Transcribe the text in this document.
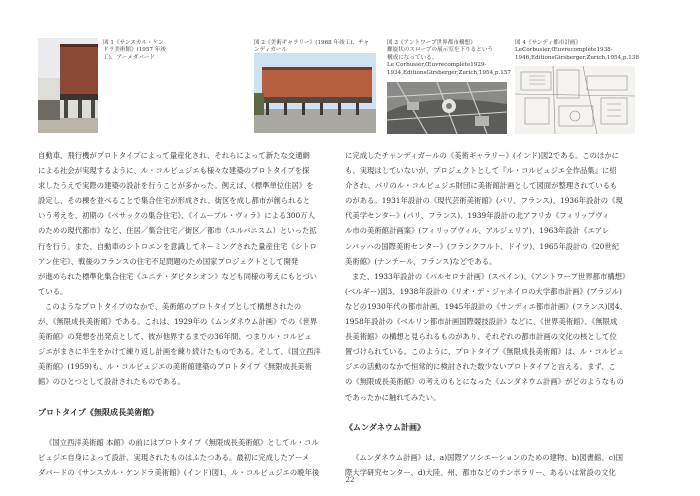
図 1《サンスカル・ケン
ドラ美術館》(1957 年竣
工)、アーメダバード
図 2《美術ギャラリー》(1968 年竣工)、チャ
ンディガール
図 3《アントワープ世界都市構想》
螺旋状のスロープの展示室を下りるという
構成になっている。
Le Corbusier,Œuvrecomplète1929-
1934,EditionsGirsberger,Zurich,1954,p.157
図 4《サンディ都市計画》
LeCorbusier,Œuvrecomplète1938-
1946,EditionsGirsberger,Zurich,1954,p.138

自動車、飛行機がプロトタイプによって量産化され、それらによって新たな交通網
による社会が実現するように、ル・コルビュジエも様々な建築のプロトタイプを探
求したうえで実際の建築の設計を行うことが多かった。例えば、《標準単位住居》を
設定し、その棟を並べることで集合住宅が形成され、街区を成し都市が創られると
いう考えを、初期の《ペサックの集合住宅》、《イムーブル・ヴィラ》による300万人
のための現代都市》など、住居／集合住宅／街区／都市（ユルバニスム）といった拡
行を行う。また、自動車のシトロエンを意識してネーミングされた量産住宅《シトロ
アン住宅》、戦後のフランスの住宅不足問題のため国家プロジェクトとして開発
が進められた標準化集合住宅《ユニテ・ダビタシオン》なども同様の考えにもとづい
ている。

このようなプロトタイプのなかで、美術館のプロトタイプとして構想されたの
が、《無限成長美術館》である。これは、1929年の《ムンダネウム計画》での《世界
美術館》の発想を出発点として、彼が他界するまでの36年間、つまりル・コルビュ
ジエがまさに半生をかけて練り返し計画を練り続けたものである。そして、《国立西洋
美術館》(1959)も、ル・コルビュジエの美術館建築のプロトタイプ《無限成長美術
館》のひとつとして設計されたものである。

プロトタイプ《無限成長美術館》

《国立西洋美術館 本館》の前にはプロトタイプ《無限成長美術館》としてル・コル
ビュジエ自身によって設計、実現されたものはふたつある。最初に完成したアーメ
ダバードの《サンスカル・ケンドラ美術館》(インド)図1、ル・コルビュジエの晩年後

に完成したチャンディガールの《美術ギャラリー》(インド)図2である。このほかに
も、実現はしていないが、プロジェクトとして『ル・コルビュジエ全作品集』に紹
介され、パリのル・コルビュジエ財団に美術館計画として図面が整理されているも
のがある。1931年設計の《現代芸術美術館》(パリ、フランス)、1936年設計の《現
代美学センター》(パリ、フランス)、1939年設計の北アフリカ《フィリップヴィ
ル市の美術館計画案》(フィリップヴィル、アルジェリア)、1963年設計《エアレ
ンバッハの国際美術センター》(フランクフルト、ドイツ)、1965年設計の《20世紀
美術館》(ナンテール、フランス)などである。

また、1933年設計の《パルセロナ計画》(スペイン)、《アントワープ世界都市構想》
(ベルギー)図3、1938年設計の《リオ・デ・ジャネイロの大学都市計画》(ブラジル)
などの1930年代の都市計画、1945年設計の《サンディエ都市計画》(フランス)図4、
1958年設計の《ベルリン都市計画国際競技設計》などに、《世界美術館》、《無限成
長美術館》の構想と見られるものがあり、それぞれの都市計画の文化の核として位
置づけられている。このように、プロトタイプ《無限成長美術館》は、ル・コルビュ
ジエの活動のなかで恒常的に検討された数少ないプロトタイプと言える。まず、こ
の《無限成長美術館》の考えのもとになった《ムンダネウム計画》がどのようなもの
であったかに触れてみたい。

《ムンダネウム計画》

《ムンダネウム計画》は、a)国際アソシエーションのための建物、b)図書館、c)国
際大学研究センター、d)大陸、州、都市などのテンポラリー、あるいは常設の文化

22
